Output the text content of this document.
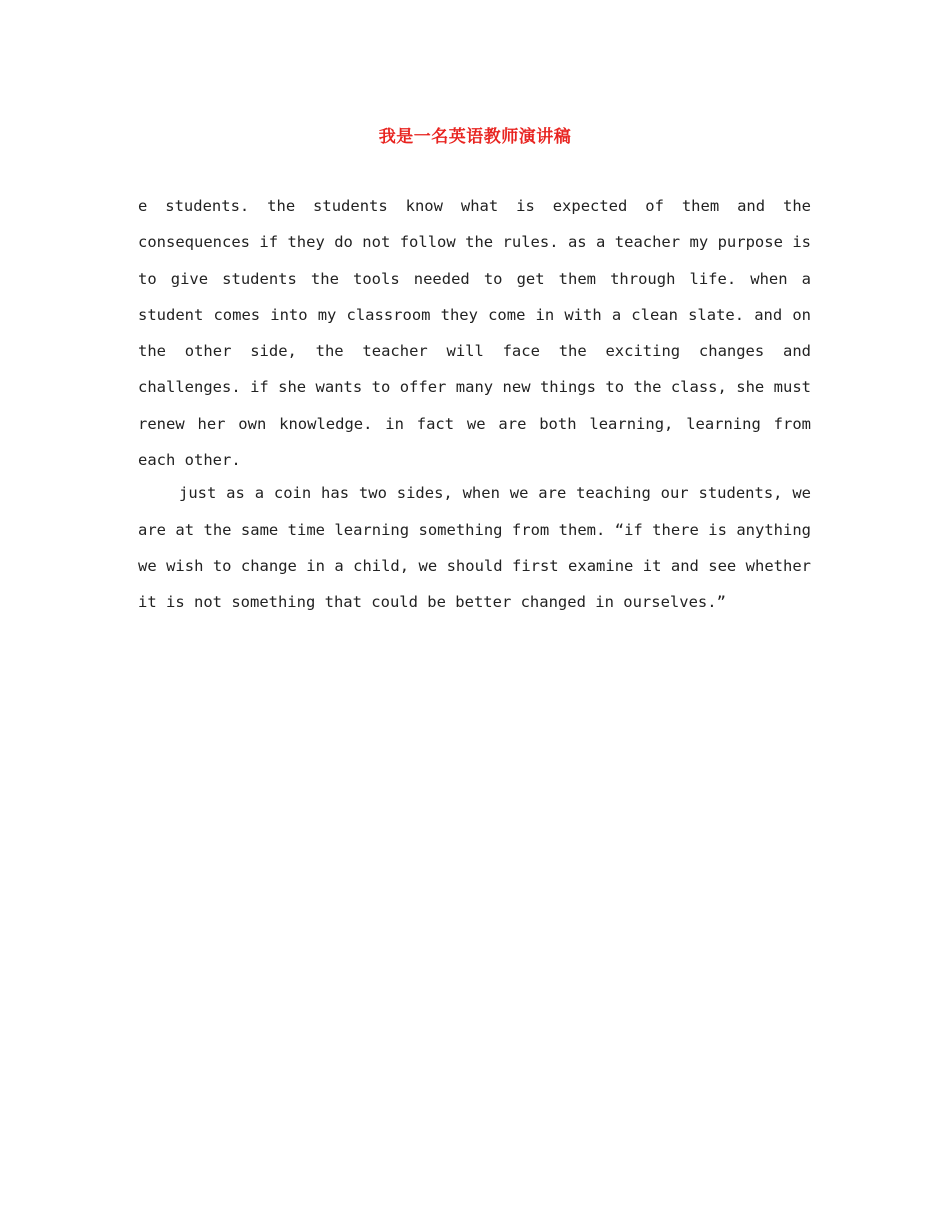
我是一名英语教师演讲稿

e students. the students know what is expected of them and the consequences if they do not follow the rules. as a teacher my purpose is to give students the tools needed to get them through life. when a student comes into my classroom they come in with a clean slate. and on the other side, the teacher will face the exciting changes and challenges. if she wants to offer many new things to the class, she must renew her own knowledge. in fact we are both learning, learning from each other.

just as a coin has two sides, when we are teaching our students, we are at the same time learning something from them. “if there is anything we wish to change in a child, we should first examine it and see whether it is not something that could be better changed in ourselves.”
